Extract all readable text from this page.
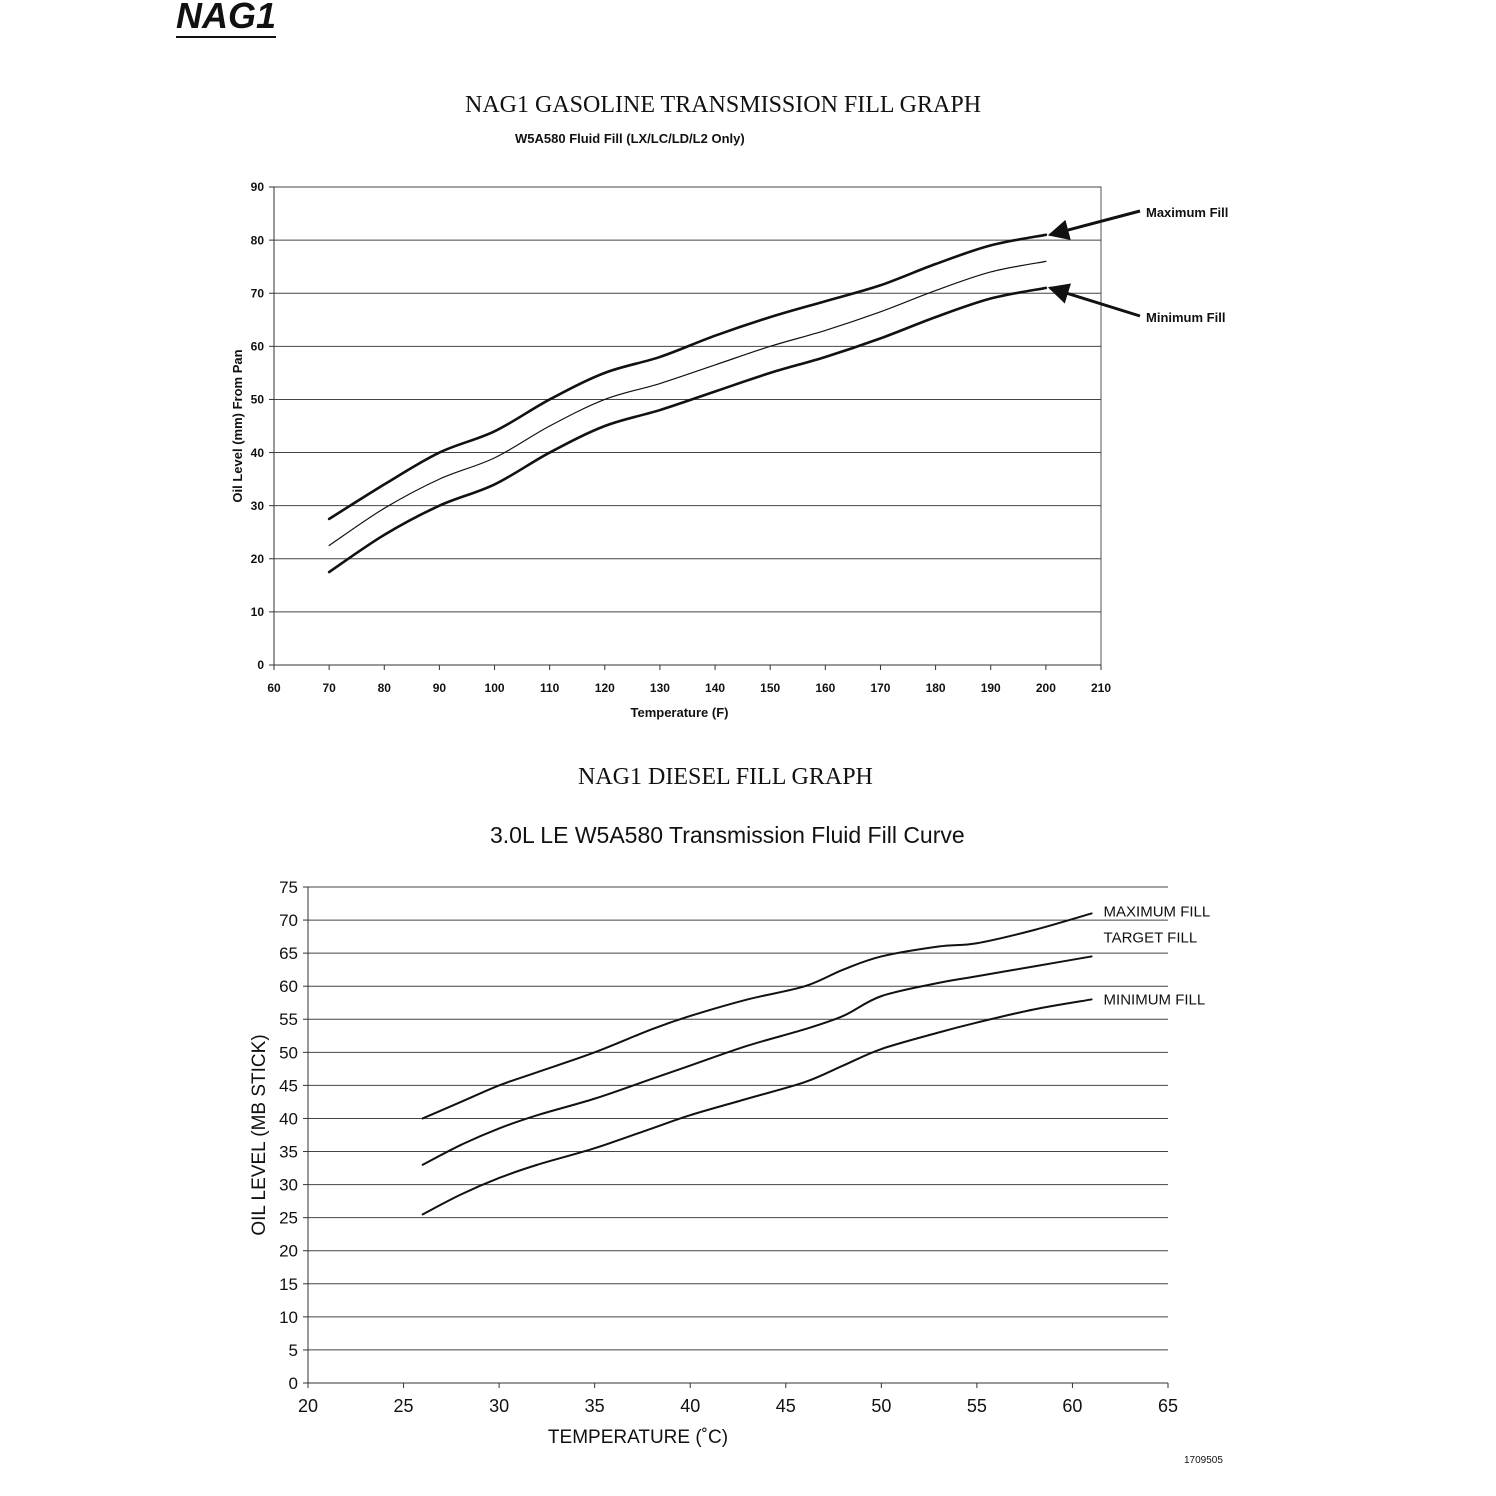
NAG1
NAG1 GASOLINE TRANSMISSION FILL GRAPH
W5A580 Fluid Fill (LX/LC/LD/L2 Only)
NAG1 DIESEL FILL GRAPH
3.0L LE W5A580 Transmission Fluid Fill Curve
0
10
20
30
40
50
60
70
80
90
60	70	80	90	100	110	120	130	140	150	160	170	180	190	200	210
Temperature (F)
Oil Level (mm) From Pan
Maximum Fill
Minimum Fill
0
5
10
15
20
25
30
35
40
45
50
55
60
65
70
75
20	25	30	35	40	45	50	55	60	65
TEMPERATURE (˚C)
OIL LEVEL (MB STICK)
MAXIMUM FILL
TARGET FILL
MINIMUM FILL
1709505
